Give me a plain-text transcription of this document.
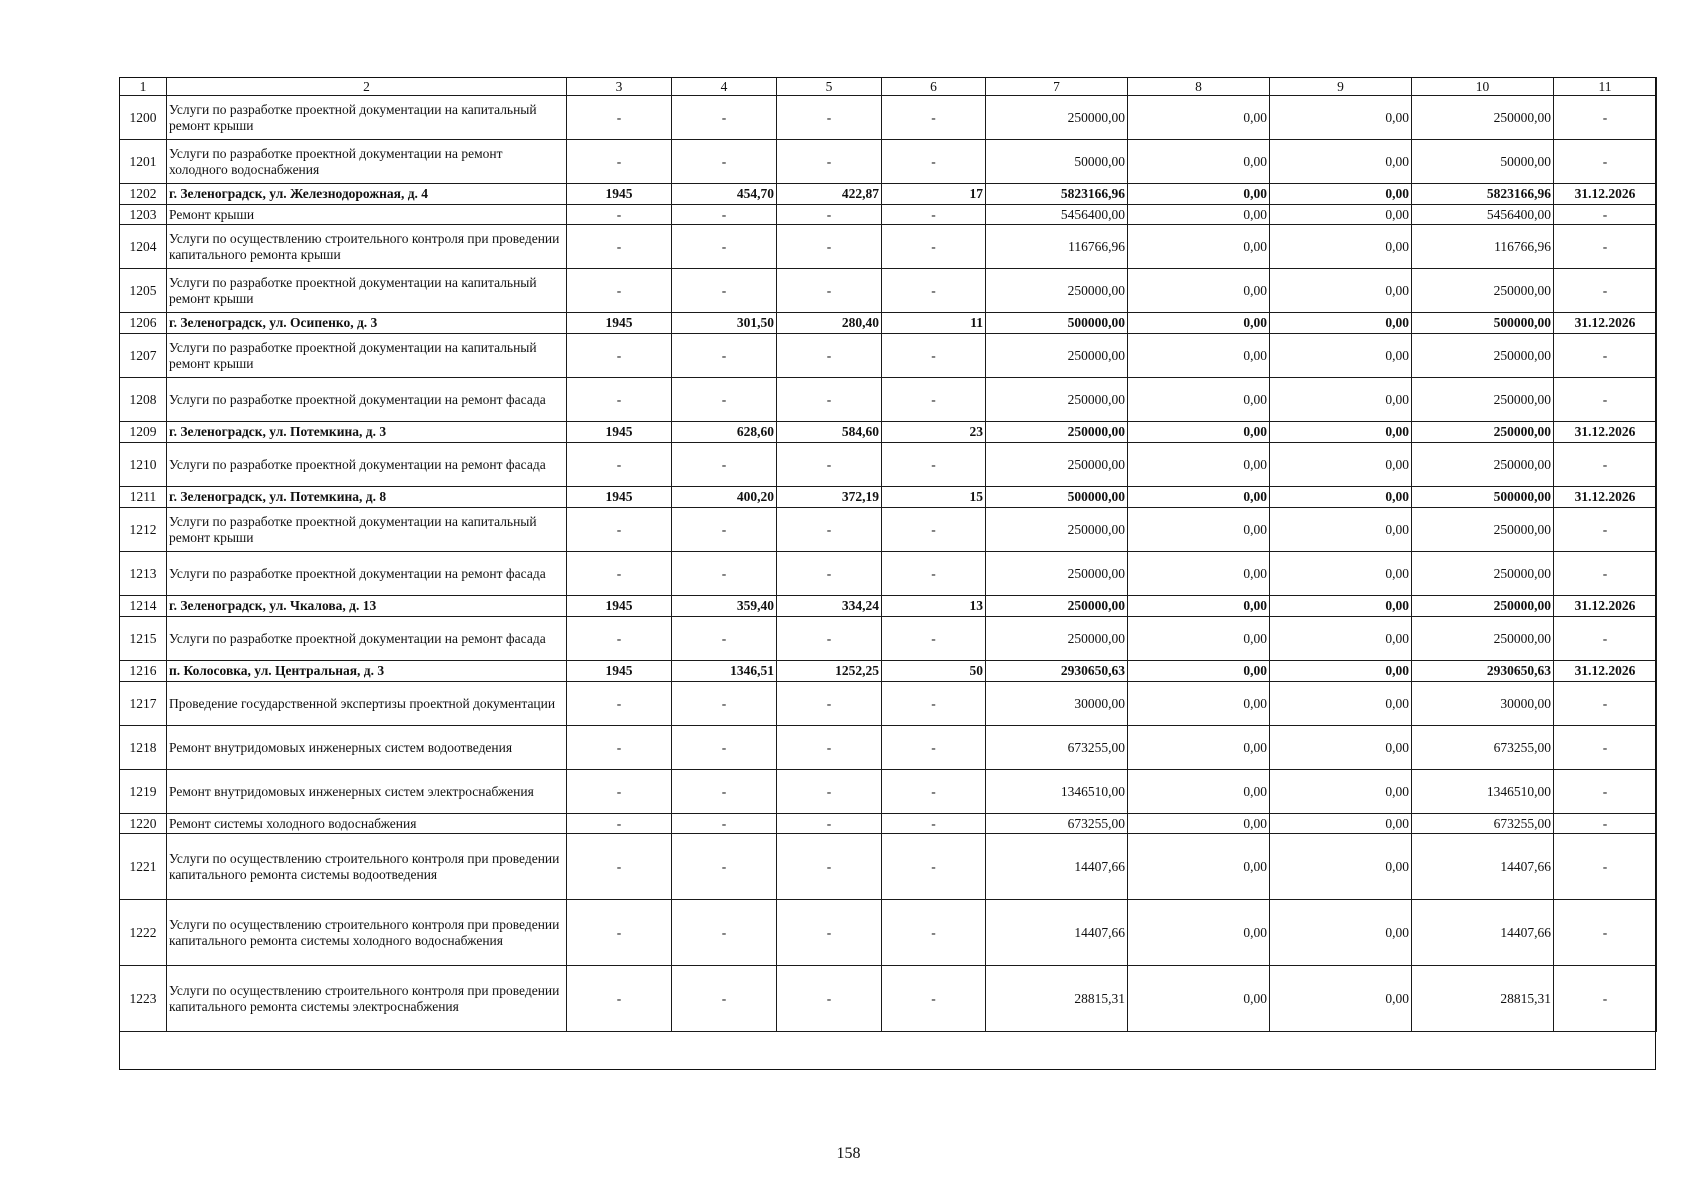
1	2	3	4	5	6	7	8	9	10	11
1200	Услуги по разработке проектной документации на капитальный ремонт крыши	-	-	-	-	250000,00	0,00	0,00	250000,00	-
1201	Услуги по разработке проектной документации на ремонт холодного водоснабжения	-	-	-	-	50000,00	0,00	0,00	50000,00	-
1202	г. Зеленоградск, ул. Железнодорожная, д. 4	1945	454,70	422,87	17	5823166,96	0,00	0,00	5823166,96	31.12.2026
1203	Ремонт крыши	-	-	-	-	5456400,00	0,00	0,00	5456400,00	-
1204	Услуги по осуществлению строительного контроля при проведении капитального ремонта крыши	-	-	-	-	116766,96	0,00	0,00	116766,96	-
1205	Услуги по разработке проектной документации на капитальный ремонт крыши	-	-	-	-	250000,00	0,00	0,00	250000,00	-
1206	г. Зеленоградск, ул. Осипенко, д. 3	1945	301,50	280,40	11	500000,00	0,00	0,00	500000,00	31.12.2026
1207	Услуги по разработке проектной документации на капитальный ремонт крыши	-	-	-	-	250000,00	0,00	0,00	250000,00	-
1208	Услуги по разработке проектной документации на ремонт фасада	-	-	-	-	250000,00	0,00	0,00	250000,00	-
1209	г. Зеленоградск, ул. Потемкина, д. 3	1945	628,60	584,60	23	250000,00	0,00	0,00	250000,00	31.12.2026
1210	Услуги по разработке проектной документации на ремонт фасада	-	-	-	-	250000,00	0,00	0,00	250000,00	-
1211	г. Зеленоградск, ул. Потемкина, д. 8	1945	400,20	372,19	15	500000,00	0,00	0,00	500000,00	31.12.2026
1212	Услуги по разработке проектной документации на капитальный ремонт крыши	-	-	-	-	250000,00	0,00	0,00	250000,00	-
1213	Услуги по разработке проектной документации на ремонт фасада	-	-	-	-	250000,00	0,00	0,00	250000,00	-
1214	г. Зеленоградск, ул. Чкалова, д. 13	1945	359,40	334,24	13	250000,00	0,00	0,00	250000,00	31.12.2026
1215	Услуги по разработке проектной документации на ремонт фасада	-	-	-	-	250000,00	0,00	0,00	250000,00	-
1216	п. Колосовка, ул. Центральная, д. 3	1945	1346,51	1252,25	50	2930650,63	0,00	0,00	2930650,63	31.12.2026
1217	Проведение государственной экспертизы проектной документации	-	-	-	-	30000,00	0,00	0,00	30000,00	-
1218	Ремонт внутридомовых инженерных систем водоотведения	-	-	-	-	673255,00	0,00	0,00	673255,00	-
1219	Ремонт внутридомовых инженерных систем электроснабжения	-	-	-	-	1346510,00	0,00	0,00	1346510,00	-
1220	Ремонт системы холодного водоснабжения	-	-	-	-	673255,00	0,00	0,00	673255,00	-
1221	Услуги по осуществлению строительного контроля при проведении капитального ремонта системы водоотведения	-	-	-	-	14407,66	0,00	0,00	14407,66	-
1222	Услуги по осуществлению строительного контроля при проведении капитального ремонта системы холодного водоснабжения	-	-	-	-	14407,66	0,00	0,00	14407,66	-
1223	Услуги по осуществлению строительного контроля при проведении капитального ремонта системы электроснабжения	-	-	-	-	28815,31	0,00	0,00	28815,31	-
158
